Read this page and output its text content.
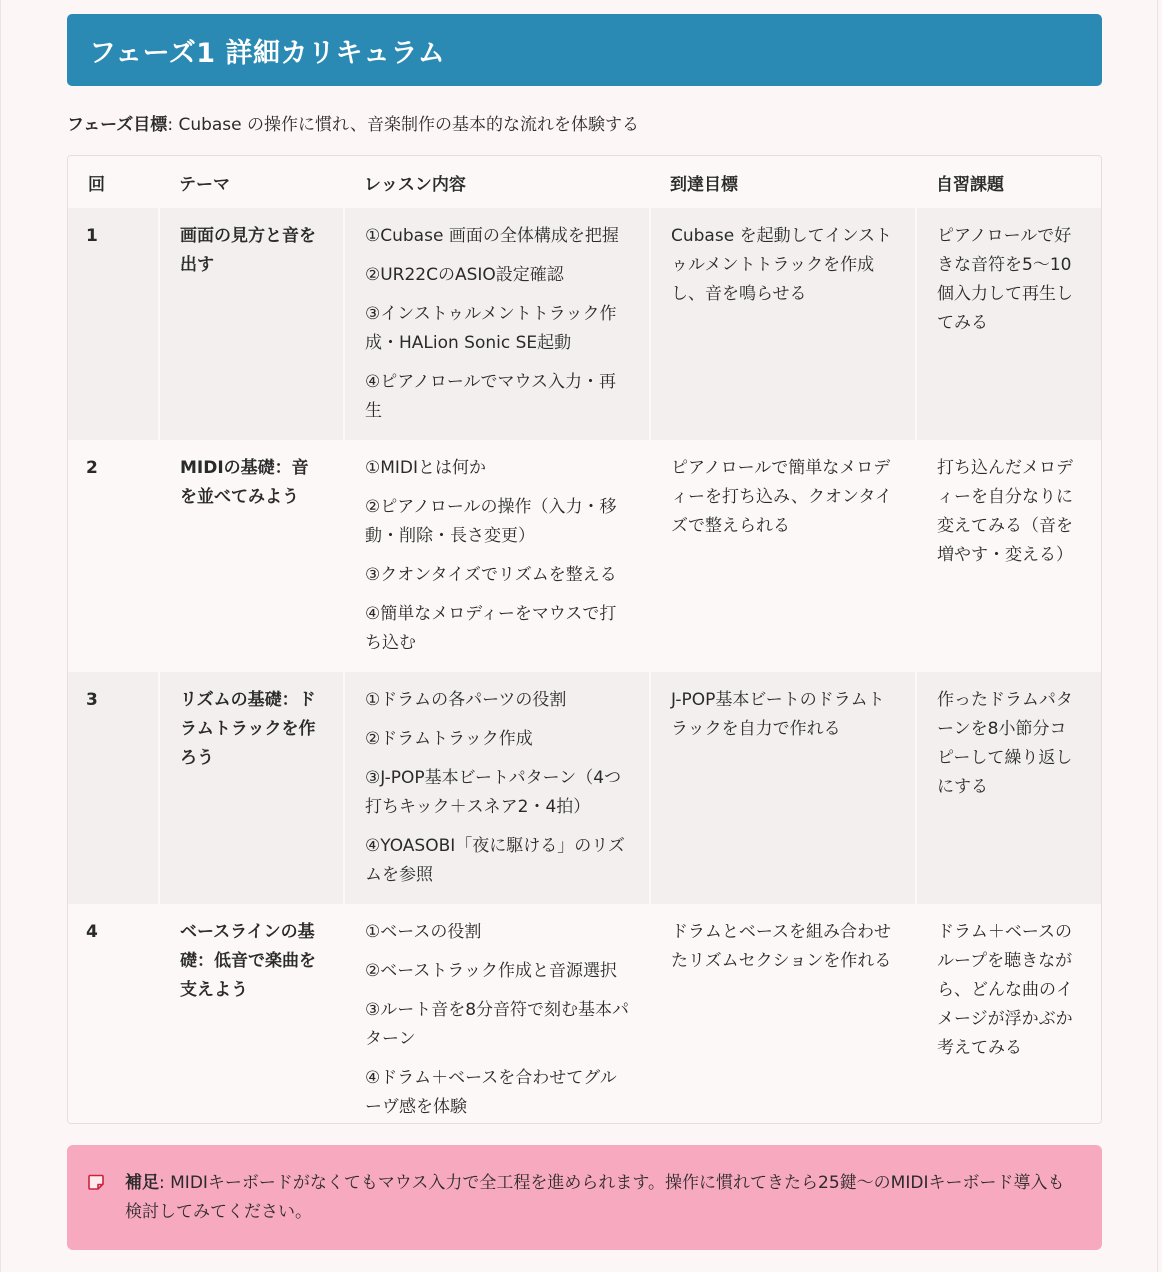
フェーズ1 詳細カリキュラム
フェーズ目標: Cubase の操作に慣れ、音楽制作の基本的な流れを体験する
回	テーマ	レッスン内容	到達目標	自習課題
1	画面の見方と音を出す	①Cubase 画面の全体構成を把握
②UR22CのASIO設定確認
③インストゥルメントトラック作成・HALion Sonic SE起動
④ピアノロールでマウス入力・再生	Cubase を起動してインストゥルメントトラックを作成し、音を鳴らせる	ピアノロールで好きな音符を5〜10個入力して再生してみる
2	MIDIの基礎：音を並べてみよう	①MIDIとは何か
②ピアノロールの操作（入力・移動・削除・長さ変更）
③クオンタイズでリズムを整える
④簡単なメロディーをマウスで打ち込む	ピアノロールで簡単なメロディーを打ち込み、クオンタイズで整えられる	打ち込んだメロディーを自分なりに変えてみる（音を増やす・変える）
3	リズムの基礎：ドラムトラックを作ろう	①ドラムの各パーツの役割
②ドラムトラック作成
③J-POP基本ビートパターン（4つ打ちキック＋スネア2・4拍）
④YOASOBI「夜に駆ける」のリズムを参照	J-POP基本ビートのドラムトラックを自力で作れる	作ったドラムパターンを8小節分コピーして繰り返しにする
4	ベースラインの基礎：低音で楽曲を支えよう	①ベースの役割
②ベーストラック作成と音源選択
③ルート音を8分音符で刻む基本パターン
④ドラム＋ベースを合わせてグルーヴ感を体験	ドラムとベースを組み合わせたリズムセクションを作れる	ドラム＋ベースのループを聴きながら、どんな曲のイメージが浮かぶか考えてみる
補足: MIDIキーボードがなくてもマウス入力で全工程を進められます。操作に慣れてきたら25鍵〜のMIDIキーボード導入も検討してみてください。
